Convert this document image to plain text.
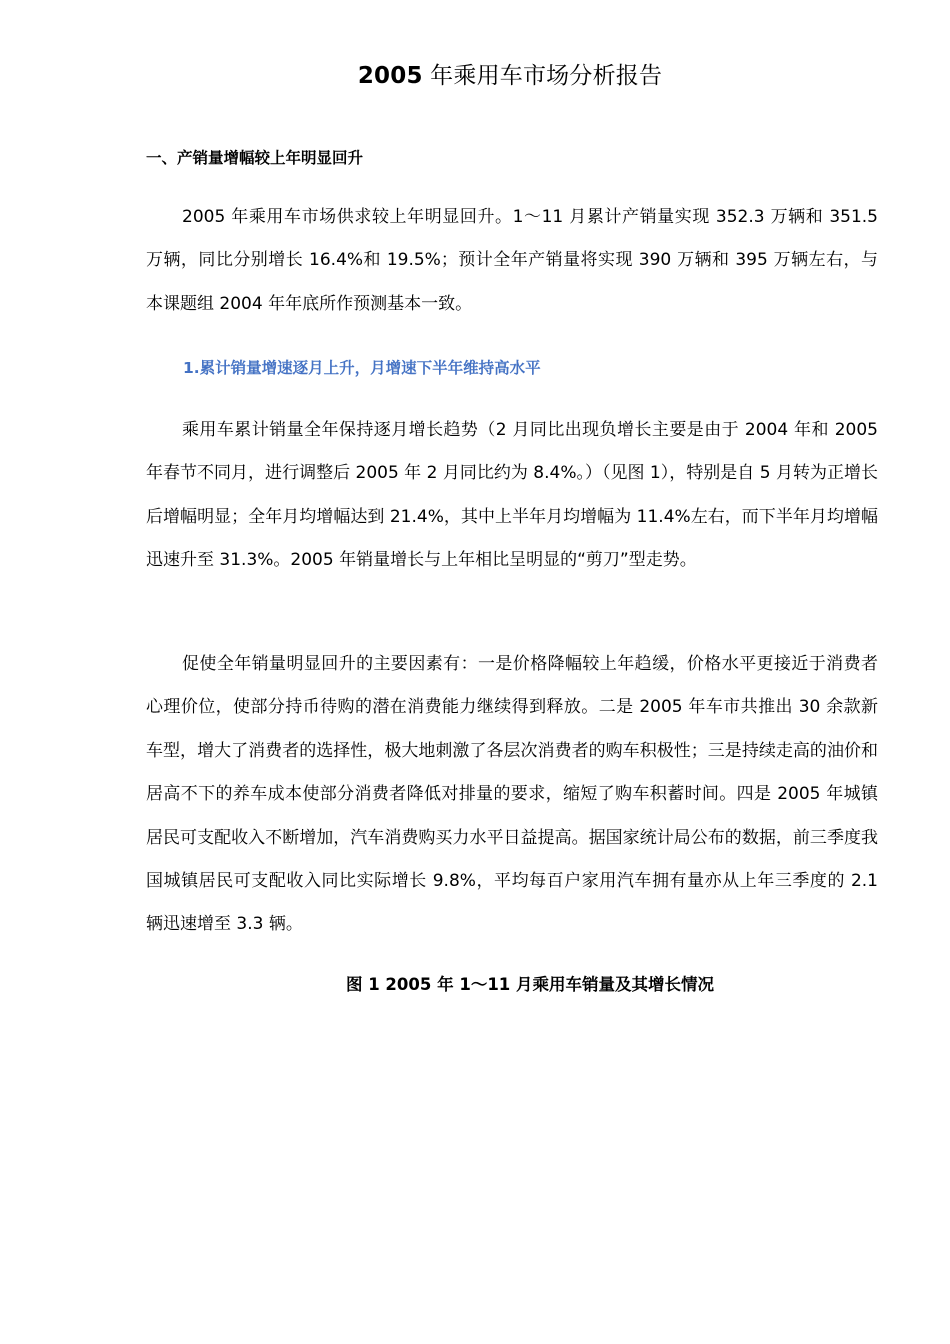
2005 年乘用车市场分析报告
一、产销量增幅较上年明显回升

2005 年乘用车市场供求较上年明显回升。1～11 月累计产销量实现 352.3 万辆和 351.5 万辆，同比分别增长 16.4%和 19.5%；预计全年产销量将实现 390 万辆和 395 万辆左右，与本课题组 2004 年年底所作预测基本一致。

1.累计销量增速逐月上升，月增速下半年维持高水平

乘用车累计销量全年保持逐月增长趋势（2 月同比出现负增长主要是由于 2004 年和 2005 年春节不同月，进行调整后 2005 年 2 月同比约为 8.4%。）（见图 1），特别是自 5 月转为正增长后增幅明显；全年月均增幅达到 21.4%，其中上半年月均增幅为 11.4%左右，而下半年月均增幅迅速升至 31.3%。2005 年销量增长与上年相比呈明显的“剪刀”型走势。

促使全年销量明显回升的主要因素有：一是价格降幅较上年趋缓，价格水平更接近于消费者心理价位，使部分持币待购的潜在消费能力继续得到释放。二是 2005 年车市共推出 30 余款新车型，增大了消费者的选择性，极大地刺激了各层次消费者的购车积极性；三是持续走高的油价和居高不下的养车成本使部分消费者降低对排量的要求，缩短了购车积蓄时间。四是 2005 年城镇居民可支配收入不断增加，汽车消费购买力水平日益提高。据国家统计局公布的数据，前三季度我国城镇居民可支配收入同比实际增长 9.8%，平均每百户家用汽车拥有量亦从上年三季度的 2.1 辆迅速增至 3.3 辆。

图 1 2005 年 1～11 月乘用车销量及其增长情况
